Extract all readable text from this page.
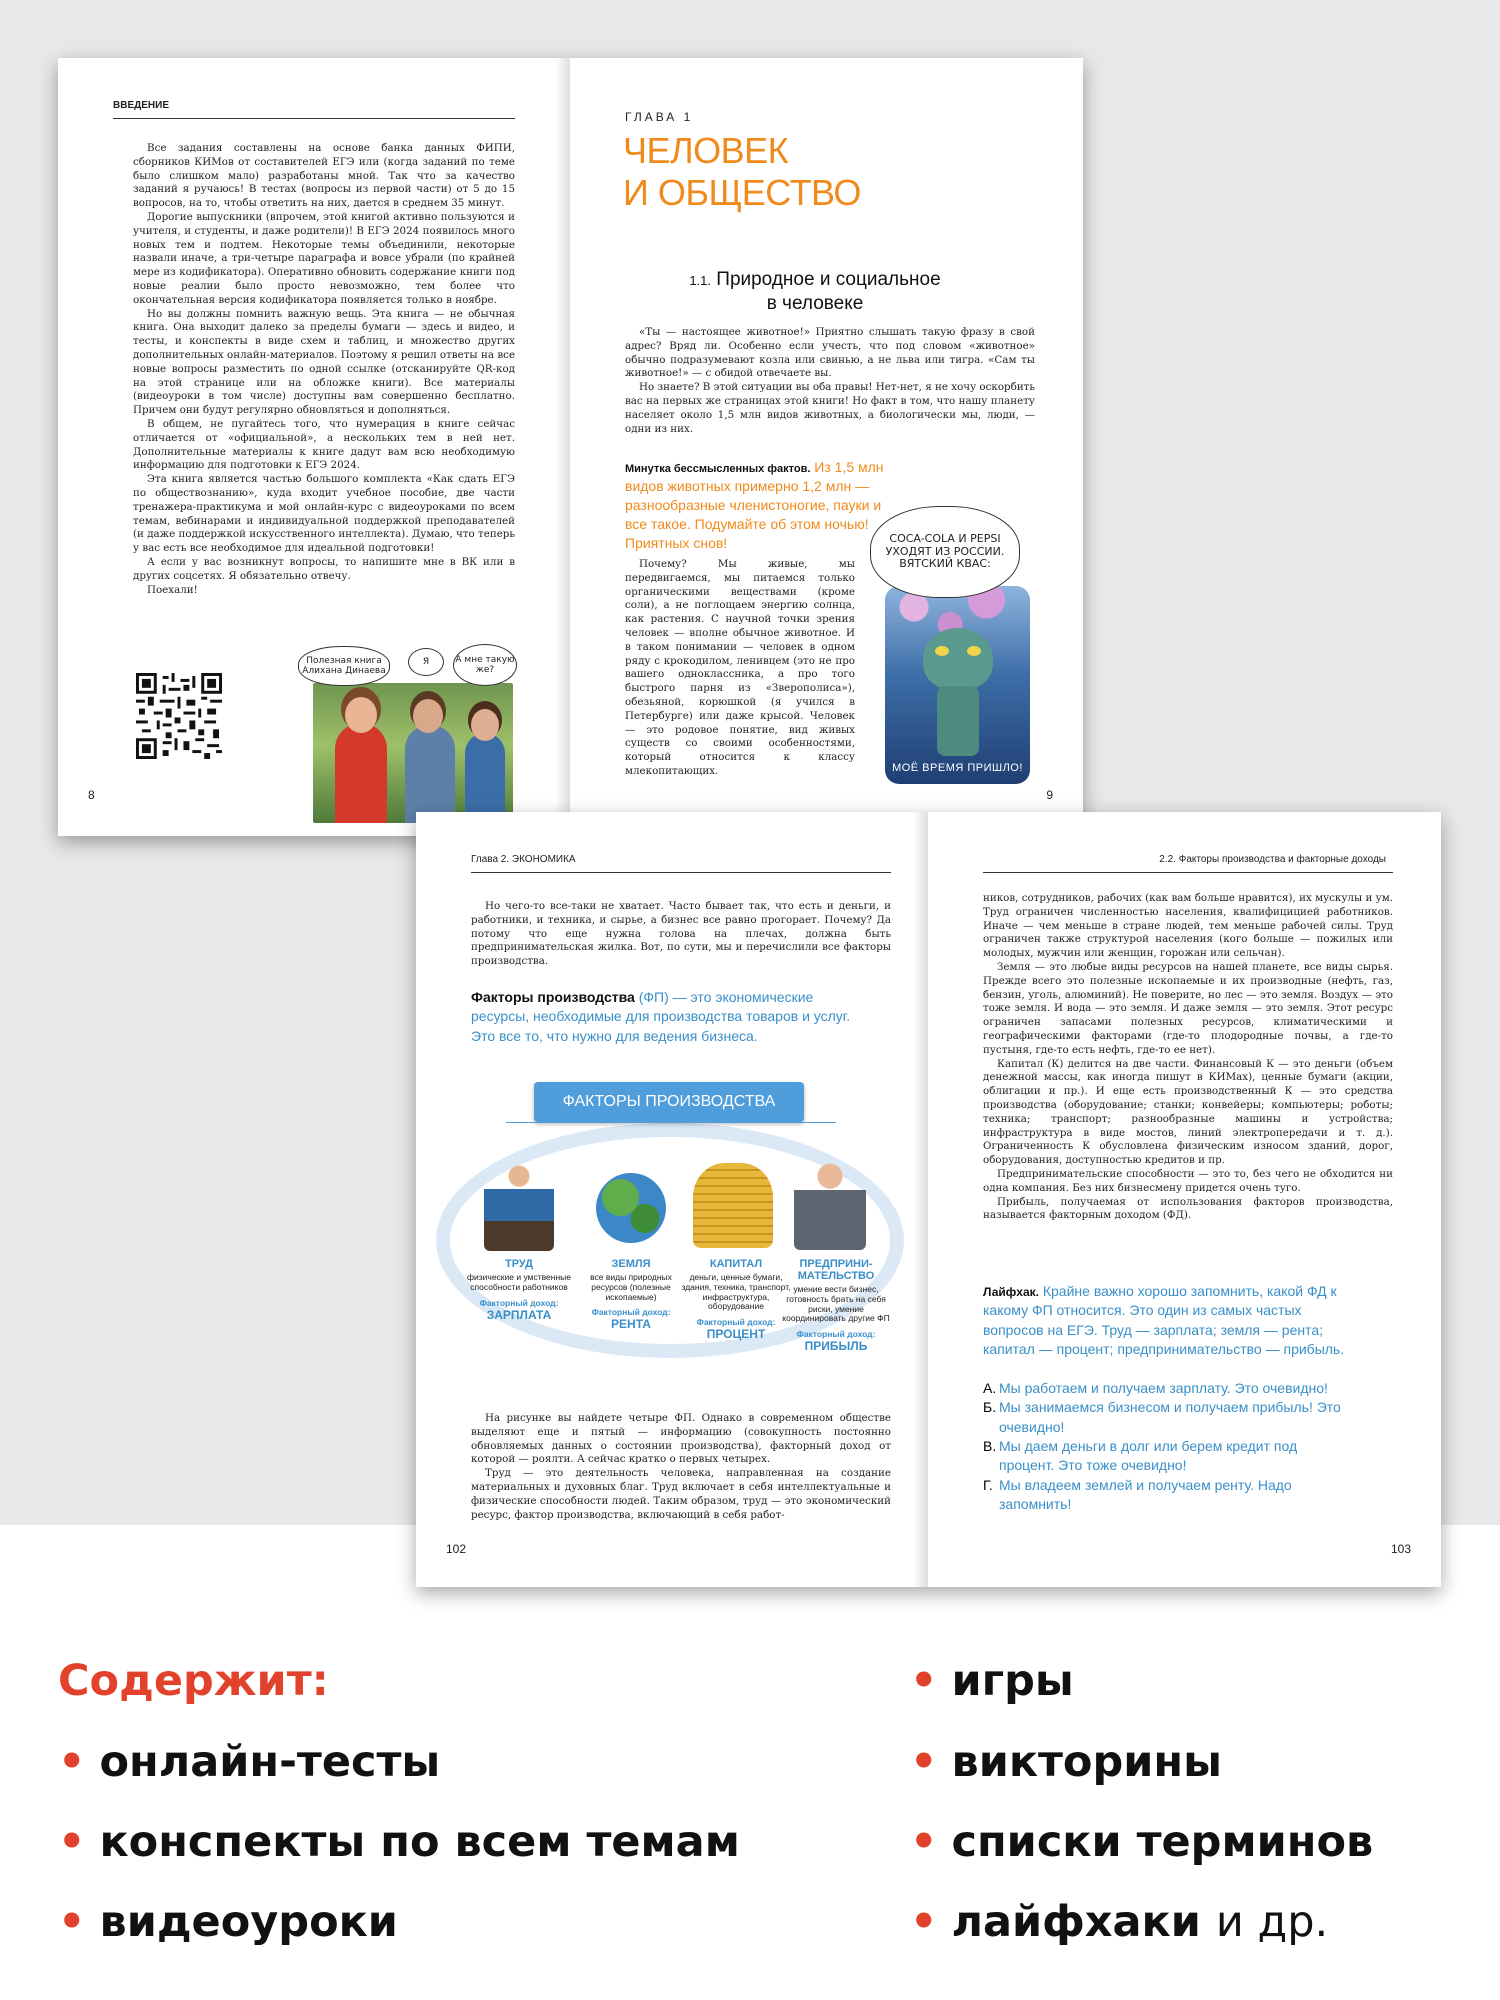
ВВЕДЕНИЕ

Все задания составлены на основе банка данных ФИПИ, сборников КИМов от составителей ЕГЭ или (когда заданий по теме было слишком мало) разработаны мной. Так что за качество заданий я ручаюсь! В тестах (вопросы из первой части) от 5 до 15 вопросов, на то, чтобы ответить на них, дается в среднем 35 минут.

Дорогие выпускники (впрочем, этой книгой активно пользуются и учителя, и студенты, и даже родители)! В ЕГЭ 2024 появилось много новых тем и подтем. Некоторые темы объединили, некоторые назвали иначе, а три-четыре параграфа и вовсе убрали (по крайней мере из кодификатора). Оперативно обновить содержание книги под новые реалии было просто невозможно, тем более что окончательная версия кодификатора появляется только в ноябре.

Но вы должны помнить важную вещь. Эта книга — не обычная книга. Она выходит далеко за пределы бумаги — здесь и видео, и тесты, и конспекты в виде схем и таблиц, и множество других дополнительных онлайн-материалов. Поэтому я решил ответы на все новые вопросы разместить по одной ссылке (отсканируйте QR-код на этой странице или на обложке книги). Все материалы (видеоуроки в том числе) доступны вам совершенно бесплатно. Причем они будут регулярно обновляться и дополняться.

В общем, не пугайтесь того, что нумерация в книге сейчас отличается от «официальной», а нескольких тем в ней нет. Дополнительные материалы к книге дадут вам всю необходимую информацию для подготовки к ЕГЭ 2024.

Эта книга является частью большого комплекта «Как сдать ЕГЭ по обществознанию», куда входит учебное пособие, две части тренажера-практикума и мой онлайн-курс с видеоуроками по всем темам, вебинарами и индивидуальной поддержкой преподавателей (и даже поддержкой искусственного интеллекта). Думаю, что теперь у вас есть все необходимое для идеальной подготовки!

А если у вас возникнут вопросы, то напишите мне в ВК или в других соцсетях. Я обязательно отвечу.

Поехали!

Полезная книга Алихана Динаева
Я	А мне такую же?
8
ГЛАВА 1
ЧЕЛОВЕК
И ОБЩЕСТВО
1.1. Природное и социальное
в человеке

«Ты — настоящее животное!» Приятно слышать такую фразу в свой адрес? Вряд ли. Особенно если учесть, что под словом «животное» обычно подразумевают козла или свинью, а не льва или тигра. «Сам ты животное!» — с обидой отвечаете вы.

Но знаете? В этой ситуации вы оба правы! Нет-нет, я не хочу оскорбить вас на первых же страницах этой книги! Но факт в том, что нашу планету населяет около 1,5 млн видов животных, а биологически мы, люди, — одни из них.

Минутка бессмысленных фактов. Из 1,5 млн видов животных примерно 1,2 млн — разнообразные членистоногие, пауки и все такое. Подумайте об этом ночью! Приятных снов!

Почему? Мы живые, мы передвигаемся, мы питаемся только органическими веществами (кроме соли), а не поглощаем энергию солнца, как растения. С научной точки зрения человек — вполне обычное животное. И в таком понимании — человек в одном ряду с крокодилом, ленивцем (это не про вашего одноклассника, а про того быстрого парня из «Зверополиса»), обезьяной, корюшкой (я учился в Петербурге) или даже крысой. Человек — это родовое понятие, вид живых существ со своими особенностями, который относится к классу млекопитающих.	МОЁ ВРЕМЯ ПРИШЛО!
COCA-COLA И PEPSI УХОДЯТ ИЗ РОССИИ. ВЯТСКИЙ КВАС:
9
Глава 2. ЭКОНОМИКА

Но чего-то все-таки не хватает. Часто бывает так, что есть и деньги, и работники, и техника, и сырье, а бизнес все равно прогорает. Почему? Да потому что еще нужна голова на плечах, должна быть предпринимательская жилка. Вот, по сути, мы и перечислили все факторы производства.

Факторы производства (ФП) — это экономические ресурсы, необходимые для производства товаров и услуг. Это все то, что нужно для ведения бизнеса.
ФАКТОРЫ ПРОИЗВОДСТВА
ТРУД
физические и умственные способности работников
Факторный доход:
ЗАРПЛАТА
ЗЕМЛЯ
все виды природных ресурсов (полезные ископаемые)
Факторный доход:
РЕНТА
КАПИТАЛ
деньги, ценные бумаги, здания, техника, транспорт, инфраструктура, оборудование
Факторный доход:
ПРОЦЕНТ
ПРЕДПРИНИ-МАТЕЛЬСТВО
умение вести бизнес, готовность брать на себя риски, умение координировать другие ФП
Факторный доход:
ПРИБЫЛЬ

На рисунке вы найдете четыре ФП. Однако в современном обществе выделяют еще и пятый — информацию (совокупность постоянно обновляемых данных о состоянии производства), факторный доход от которой — роялти. А сейчас кратко о первых четырех.

Труд — это деятельность человека, направленная на создание материальных и духовных благ. Труд включает в себя интеллектуальные и физические способности людей. Таким образом, труд — это экономический ресурс, фактор производства, включающий в себя работ-

102
2.2. Факторы производства и факторные доходы

ников, сотрудников, рабочих (как вам больше нравится), их мускулы и ум. Труд ограничен численностью населения, квалифицицией работников. Иначе — чем меньше в стране людей, тем меньше рабочей силы. Труд ограничен также структурой населения (кого больше — пожилых или молодых, мужчин или женщин, горожан или сельчан).

Земля — это любые виды ресурсов на нашей планете, все виды сырья. Прежде всего это полезные ископаемые и их производные (нефть, газ, бензин, уголь, алюминий). Не поверите, но лес — это земля. Воздух — это тоже земля. И вода — это земля. И даже земля — это земля. Этот ресурс ограничен запасами полезных ресурсов, климатическими и географическими факторами (где-то плодородные почвы, а где-то пустыня, где-то есть нефть, где-то ее нет).

Капитал (К) делится на две части. Финансовый К — это деньги (объем денежной массы, как иногда пишут в КИМах), ценные бумаги (акции, облигации и пр.). И еще есть производственный К — это средства производства (оборудование; станки; конвейеры; компьютеры; роботы; техника; транспорт; разнообразные машины и устройства; инфраструктура в виде мостов, линий электропередачи и т. д.). Ограниченность К обусловлена физическим износом зданий, дорог, оборудования, доступностью кредитов и пр.

Предпринимательские способности — это то, без чего не обходится ни одна компания. Без них бизнесмену придется очень туго.

Прибыль, получаемая от использования факторов производства, называется факторным доходом (ФД).

Лайфхак. Крайне важно хорошо запомнить, какой ФД к какому ФП относится. Это один из самых частых вопросов на ЕГЭ. Труд — зарплата; земля — рента; капитал — процент; предпринимательство — прибыль.
А. Мы работаем и получаем зарплату. Это очевидно!
Б. Мы занимаемся бизнесом и получаем прибыль! Это очевидно!
В. Мы даем деньги в долг или берем кредит под процент. Это тоже очевидно!
Г. Мы владеем землей и получаем ренту. Надо запомнить!
103
Содержит:
• онлайн-тесты
• конспекты по всем темам
• видеоуроки
• игры
• викторины
• списки терминов
• лайфхаки и др.
